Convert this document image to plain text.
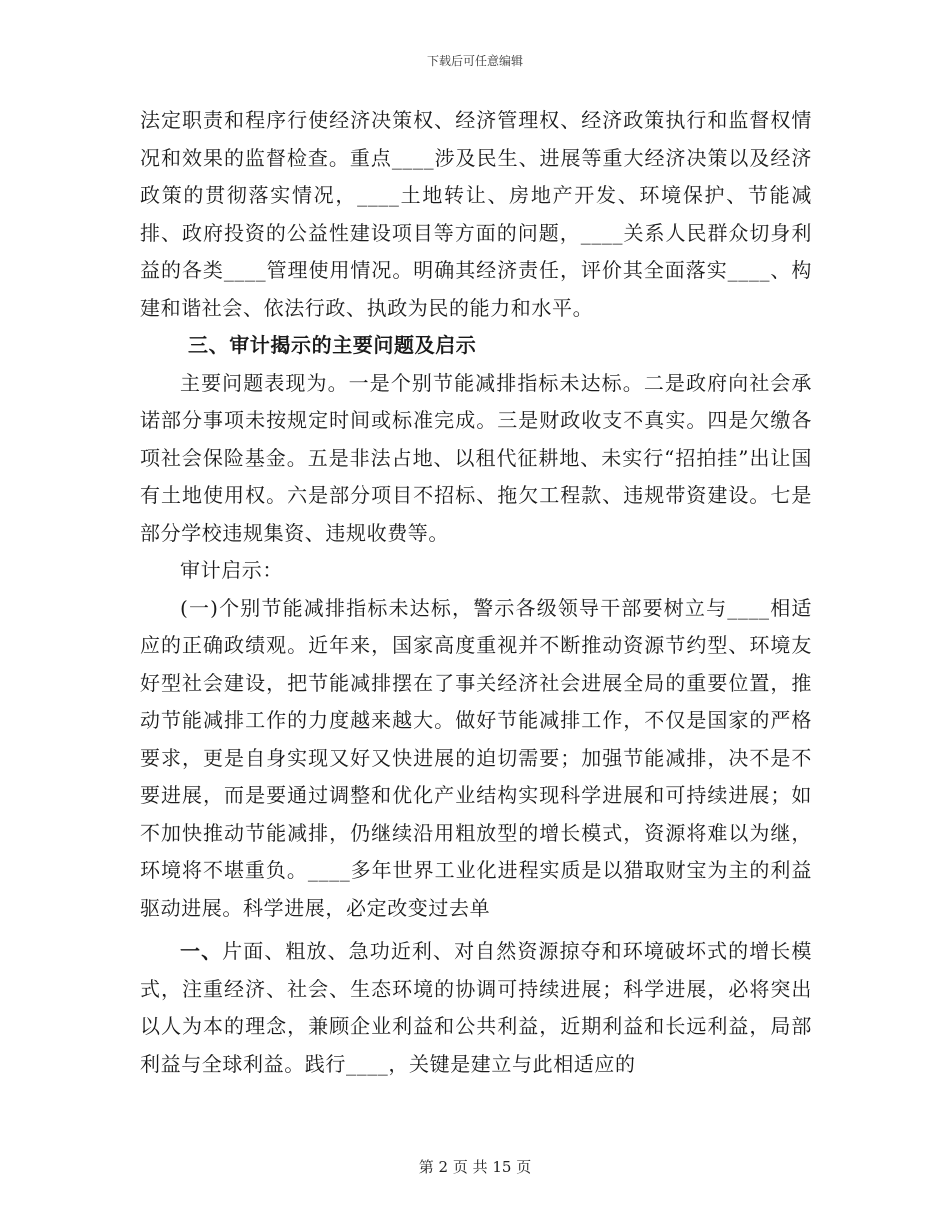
下载后可任意编辑

法定职责和程序行使经济决策权、经济管理权、经济政策执行和监督权情况和效果的监督检查。重点____涉及民生、进展等重大经济决策以及经济政策的贯彻落实情况，____土地转让、房地产开发、环境保护、节能减排、政府投资的公益性建设项目等方面的问题，____关系人民群众切身利益的各类____管理使用情况。明确其经济责任，评价其全面落实____、构建和谐社会、依法行政、执政为民的能力和水平。

三、审计揭示的主要问题及启示

主要问题表现为。一是个别节能减排指标未达标。二是政府向社会承诺部分事项未按规定时间或标准完成。三是财政收支不真实。四是欠缴各项社会保险基金。五是非法占地、以租代征耕地、未实行“招拍挂”出让国有土地使用权。六是部分项目不招标、拖欠工程款、违规带资建设。七是部分学校违规集资、违规收费等。

审计启示：

(一)个别节能减排指标未达标，警示各级领导干部要树立与____相适应的正确政绩观。近年来，国家高度重视并不断推动资源节约型、环境友好型社会建设，把节能减排摆在了事关经济社会进展全局的重要位置，推动节能减排工作的力度越来越大。做好节能减排工作，不仅是国家的严格要求，更是自身实现又好又快进展的迫切需要；加强节能减排，决不是不要进展，而是要通过调整和优化产业结构实现科学进展和可持续进展；如不加快推动节能减排，仍继续沿用粗放型的增长模式，资源将难以为继，环境将不堪重负。____多年世界工业化进程实质是以猎取财宝为主的利益驱动进展。科学进展，必定改变过去单

一、片面、粗放、急功近利、对自然资源掠夺和环境破坏式的增长模式，注重经济、社会、生态环境的协调可持续进展；科学进展，必将突出以人为本的理念，兼顾企业利益和公共利益，近期利益和长远利益，局部利益与全球利益。践行____，关键是建立与此相适应的

第 2 页 共 15 页
